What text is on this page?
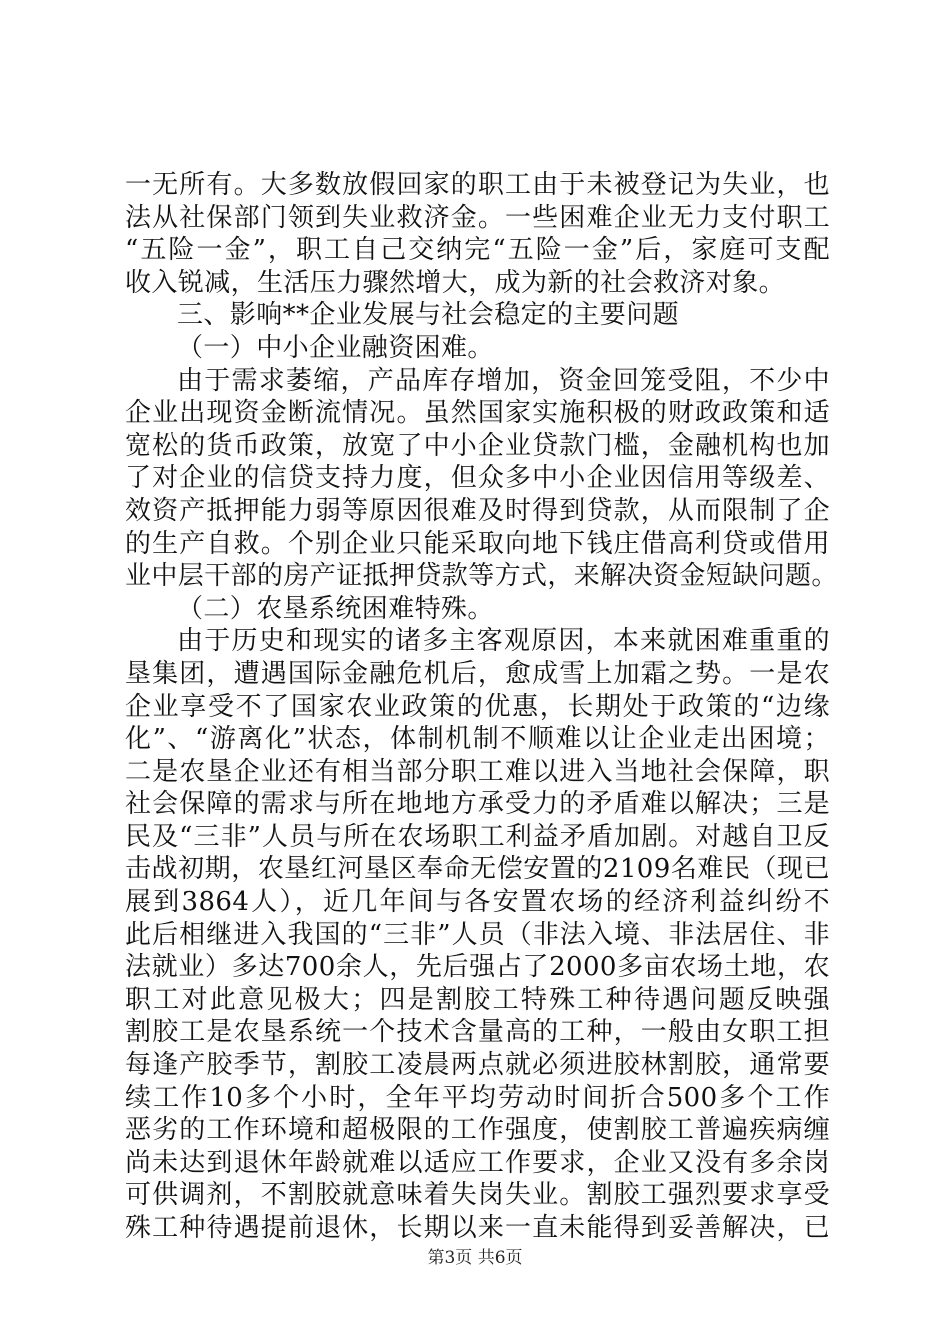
一无所有。大多数放假回家的职工由于未被登记为失业，也
法从社保部门领到失业救济金。一些困难企业无力支付职工
“五险一金”，职工自己交纳完“五险一金”后，家庭可支配
收入锐减，生活压力骤然增大，成为新的社会救济对象。
三、影响**企业发展与社会稳定的主要问题
（一）中小企业融资困难。
由于需求萎缩，产品库存增加，资金回笼受阻，不少中
企业出现资金断流情况。虽然国家实施积极的财政政策和适
宽松的货币政策，放宽了中小企业贷款门槛，金融机构也加
了对企业的信贷支持力度，但众多中小企业因信用等级差、
效资产抵押能力弱等原因很难及时得到贷款，从而限制了企
的生产自救。个别企业只能采取向地下钱庄借高利贷或借用
业中层干部的房产证抵押贷款等方式，来解决资金短缺问题。
（二）农垦系统困难特殊。
由于历史和现实的诸多主客观原因，本来就困难重重的
垦集团，遭遇国际金融危机后，愈成雪上加霜之势。一是农
企业享受不了国家农业政策的优惠，长期处于政策的“边缘
化”、“游离化”状态，体制机制不顺难以让企业走出困境；
二是农垦企业还有相当部分职工难以进入当地社会保障，职
社会保障的需求与所在地地方承受力的矛盾难以解决；三是
民及“三非”人员与所在农场职工利益矛盾加剧。对越自卫反
击战初期，农垦红河垦区奉命无偿安置的2109名难民（现已
展到3864人），近几年间与各安置农场的经济利益纠纷不
此后相继进入我国的“三非”人员（非法入境、非法居住、非
法就业）多达700余人，先后强占了2000多亩农场土地，农
职工对此意见极大；四是割胶工特殊工种待遇问题反映强
割胶工是农垦系统一个技术含量高的工种，一般由女职工担
每逢产胶季节，割胶工凌晨两点就必须进胶林割胶，通常要
续工作10多个小时，全年平均劳动时间折合500多个工作
恶劣的工作环境和超极限的工作强度，使割胶工普遍疾病缠
尚未达到退休年龄就难以适应工作要求，企业又没有多余岗
可供调剂，不割胶就意味着失岗失业。割胶工强烈要求享受
殊工种待遇提前退休，长期以来一直未能得到妥善解决，已
第3页 共6页
